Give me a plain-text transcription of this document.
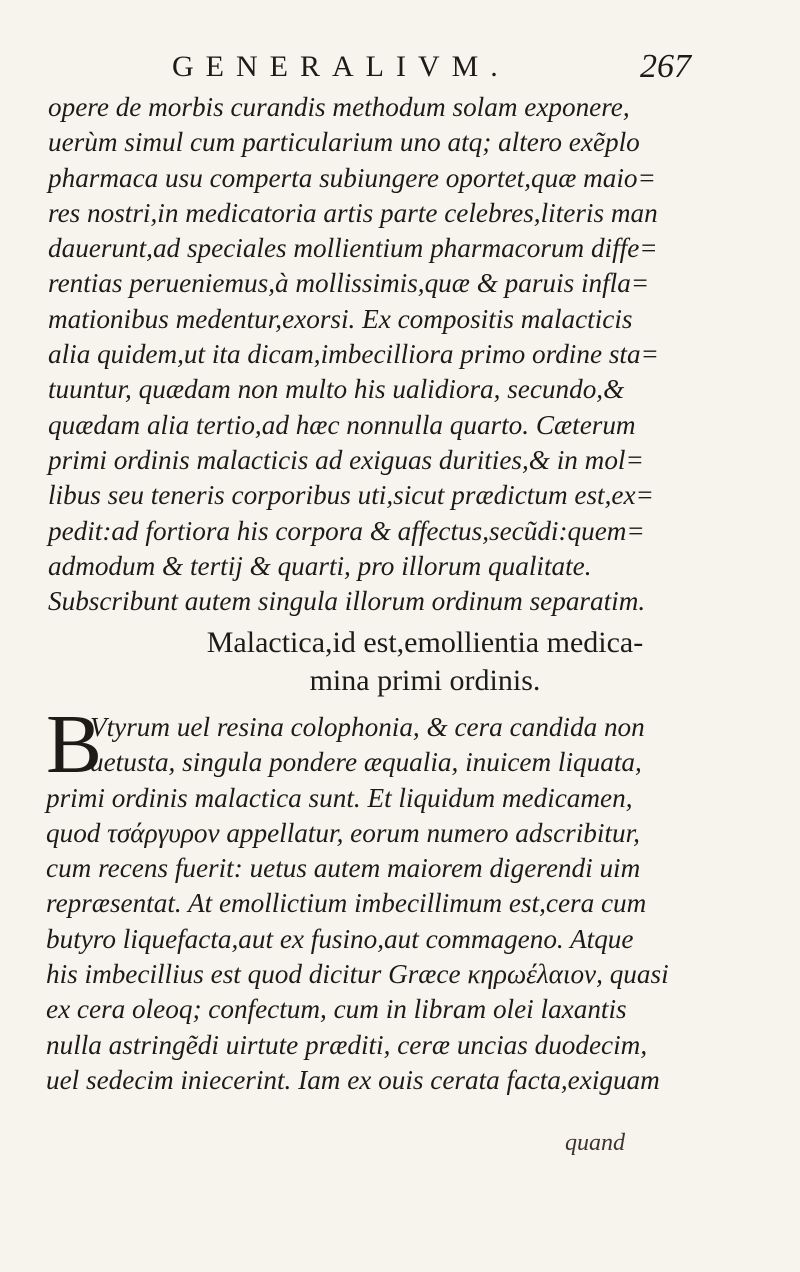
GENERALIVM.	267
opere de morbis curandis methodum solam exponere,
uerùm simul cum particularium uno atq; altero exẽplo
pharmaca usu comperta subiungere oportet,quæ maio=
res nostri,in medicatoria artis parte celebres,literis man
dauerunt,ad speciales mollientium pharmacorum diffe=
rentias perueniemus,à mollissimis,quæ & paruis infla=
mationibus medentur,exorsi. Ex compositis malacticis
alia quidem,ut ita dicam,imbecilliora primo ordine sta=
tuuntur, quædam non multo his ualidiora, secundo,&
quædam alia tertio,ad hæc nonnulla quarto. Cæterum
primi ordinis malacticis ad exiguas durities,& in mol=
libus seu teneris corporibus uti,sicut prædictum est,ex=
pedit:ad fortiora his corpora & affectus,secũdi:quem=
admodum & tertij & quarti, pro illorum qualitate.
Subscribunt autem singula illorum ordinum separatim.
Malactica,id est,emollientia medica-
mina primi ordinis.
B
Vtyrum uel resina colophonia, & cera candida non
uetusta, singula pondere æqualia, inuicem liquata,
primi ordinis malactica sunt. Et liquidum medicamen,
quod τσάργυρον appellatur, eorum numero adscribitur,
cum recens fuerit: uetus autem maiorem digerendi uim
repræsentat. At emollictium imbecillimum est,cera cum
butyro liquefacta,aut ex fusino,aut commageno. Atque
his imbecillius est quod dicitur Græce κηρωέλαιον, quasi
ex cera oleoq; confectum, cum in libram olei laxantis
nulla astringẽdi uirtute præditi, ceræ uncias duodecim,
uel sedecim iniecerint. Iam ex ouis cerata facta,exiguam
quand
